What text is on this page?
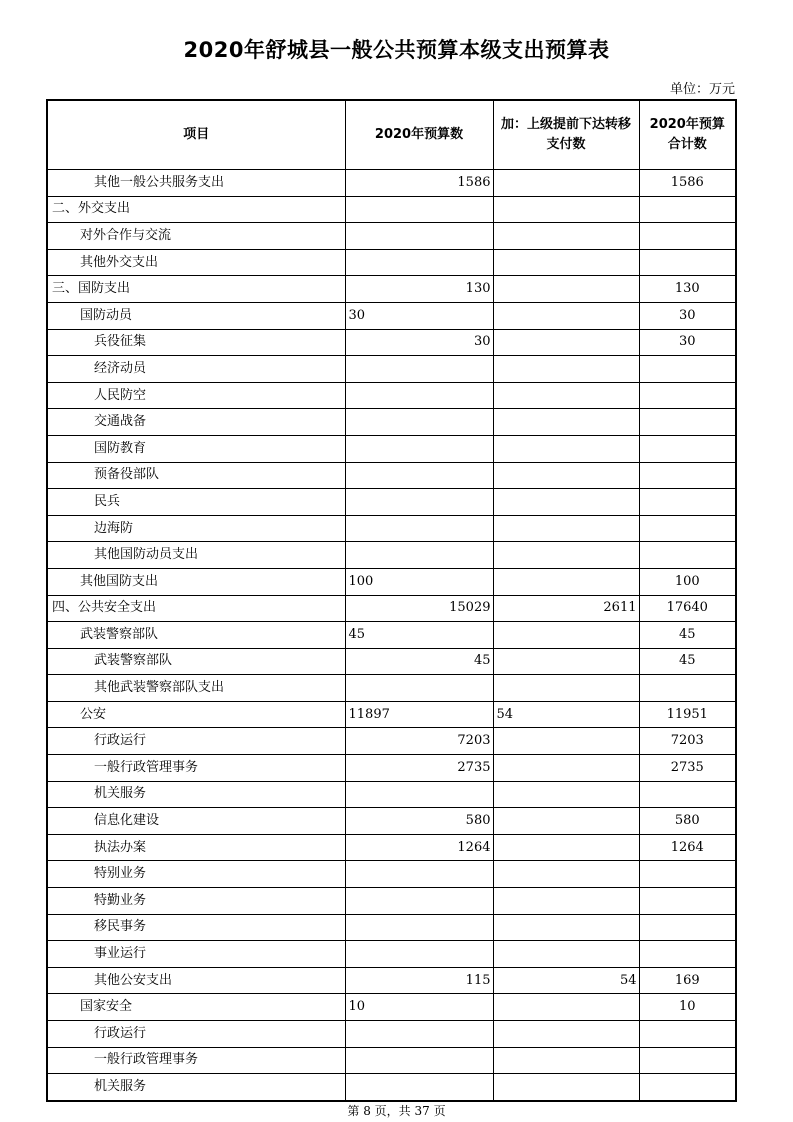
2020年舒城县一般公共预算本级支出预算表
单位：万元
项目	2020年预算数	加：上级提前下达转移支付数	2020年预算合计数
其他一般公共服务支出	1586		1586
二、外交支出			
对外合作与交流			
其他外交支出			
三、国防支出	130		130
国防动员	30		30
兵役征集	30		30
经济动员			
人民防空			
交通战备			
国防教育			
预备役部队			
民兵			
边海防			
其他国防动员支出			
其他国防支出	100		100
四、公共安全支出	15029	2611	17640
武装警察部队	45		45
武装警察部队	45		45
其他武装警察部队支出			
公安	11897	54	11951
行政运行	7203		7203
一般行政管理事务	2735		2735
机关服务			
信息化建设	580		580
执法办案	1264		1264
特别业务			
特勤业务			
移民事务			
事业运行			
其他公安支出	115	54	169
国家安全	10		10
行政运行			
一般行政管理事务			
机关服务			
第 8 页，共 37 页
